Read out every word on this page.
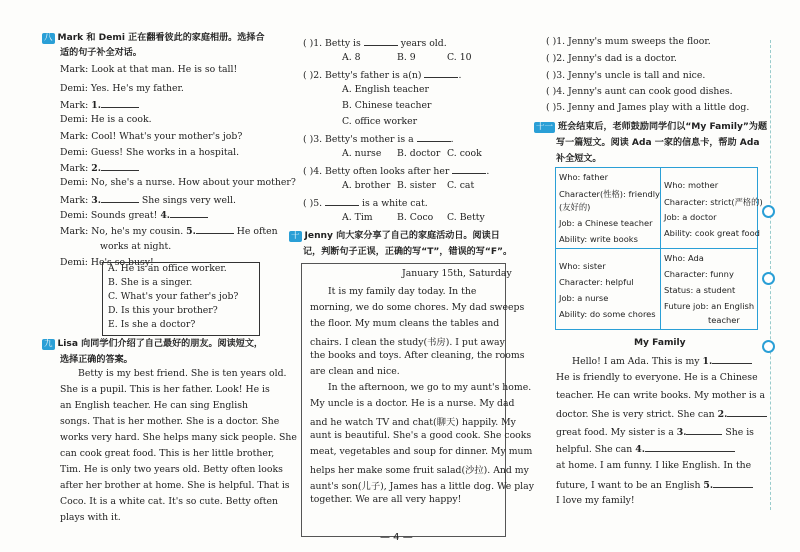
八 Mark 和 Demi 正在翻看彼此的家庭相册。选择合
适的句子补全对话。
Mark: Look at that man. He is so tall!
Demi: Yes. He's my father.
Mark: 1.
Demi: He is a cook.
Mark: Cool! What's your mother's job?
Demi: Guess! She works in a hospital.
Mark: 2.
Demi: No, she's a nurse. How about your mother?
Mark: 3.	She sings very well.
Demi: Sounds great! 4.
Mark: No, he's my cousin. 5.	He often
works at night.
Demi: He's so busy!
A. He is an office worker.
B. She is a singer.
C. What's your father's job?
D. Is this your brother?
E. Is she a doctor?
九 Lisa 向同学们介绍了自己最好的朋友。阅读短文，
选择正确的答案。
Betty is my best friend. She is ten years old.
She is a pupil. This is her father. Look! He is
an English teacher. He can sing English
songs. That is her mother. She is a doctor. She
works very hard. She helps many sick people. She
can cook great food. This is her little brother,
Tim. He is only two years old. Betty often looks
after her brother at home. She is helpful. That is
Coco. It is a white cat. It's so cute. Betty often
plays with it.
( )1. Betty is	years old.
A. 8	B. 9	C. 10
( )2. Betty's father is a(n)	.
A. English teacher
B. Chinese teacher
C. office worker
( )3. Betty's mother is a	.
A. nurse B. doctor C. cook
( )4. Betty often looks after her	.
A. brother B. sister C. cat
( )5.	is a white cat.
A. Tim	B. Coco C. Betty
十 Jenny 向大家分享了自己的家庭活动日。阅读日
记，判断句子正误，正确的写“T”，错误的写“F”。
January 15th, Saturday
It is my family day today. In the
morning, we do some chores. My dad sweeps
the floor. My mum cleans the tables and
chairs. I clean the study(书房). I put away
the books and toys. After cleaning, the rooms
are clean and nice.
In the afternoon, we go to my aunt's home.
My uncle is a doctor. He is a nurse. My dad
and he watch TV and chat(聊天) happily. My
aunt is beautiful. She's a good cook. She cooks
meat, vegetables and soup for dinner. My mum
helps her make some fruit salad(沙拉). And my
aunt's son(儿子), James has a little dog. We play
together. We are all very happy!
( )1. Jenny's mum sweeps the floor.
( )2. Jenny's dad is a doctor.
( )3. Jenny's uncle is tall and nice.
( )4. Jenny's aunt can cook good dishes.
( )5. Jenny and James play with a little dog.
十一 班会结束后，老师鼓励同学们以“My Family”为题
写一篇短文。阅读 Ada 一家的信息卡，帮助 Ada
补全短文。
Who: father
Character(性格): friendly
(友好的)
Job: a Chinese teacher
Ability: write books
Who: mother
Character: strict(严格的)
Job: a doctor
Ability: cook great food
Who: sister
Character: helpful
Job: a nurse
Ability: do some chores
Who: Ada
Character: funny
Status: a student
Future job: an English
teacher
My Family
Hello! I am Ada. This is my 1.
He is friendly to everyone. He is a Chinese
teacher. He can write books. My mother is a
doctor. She is very strict. She can 2.
great food. My sister is a 3.	She is
helpful. She can 4.
at home. I am funny. I like English. In the
future, I want to be an English 5.
I love my family!
— 4 —
